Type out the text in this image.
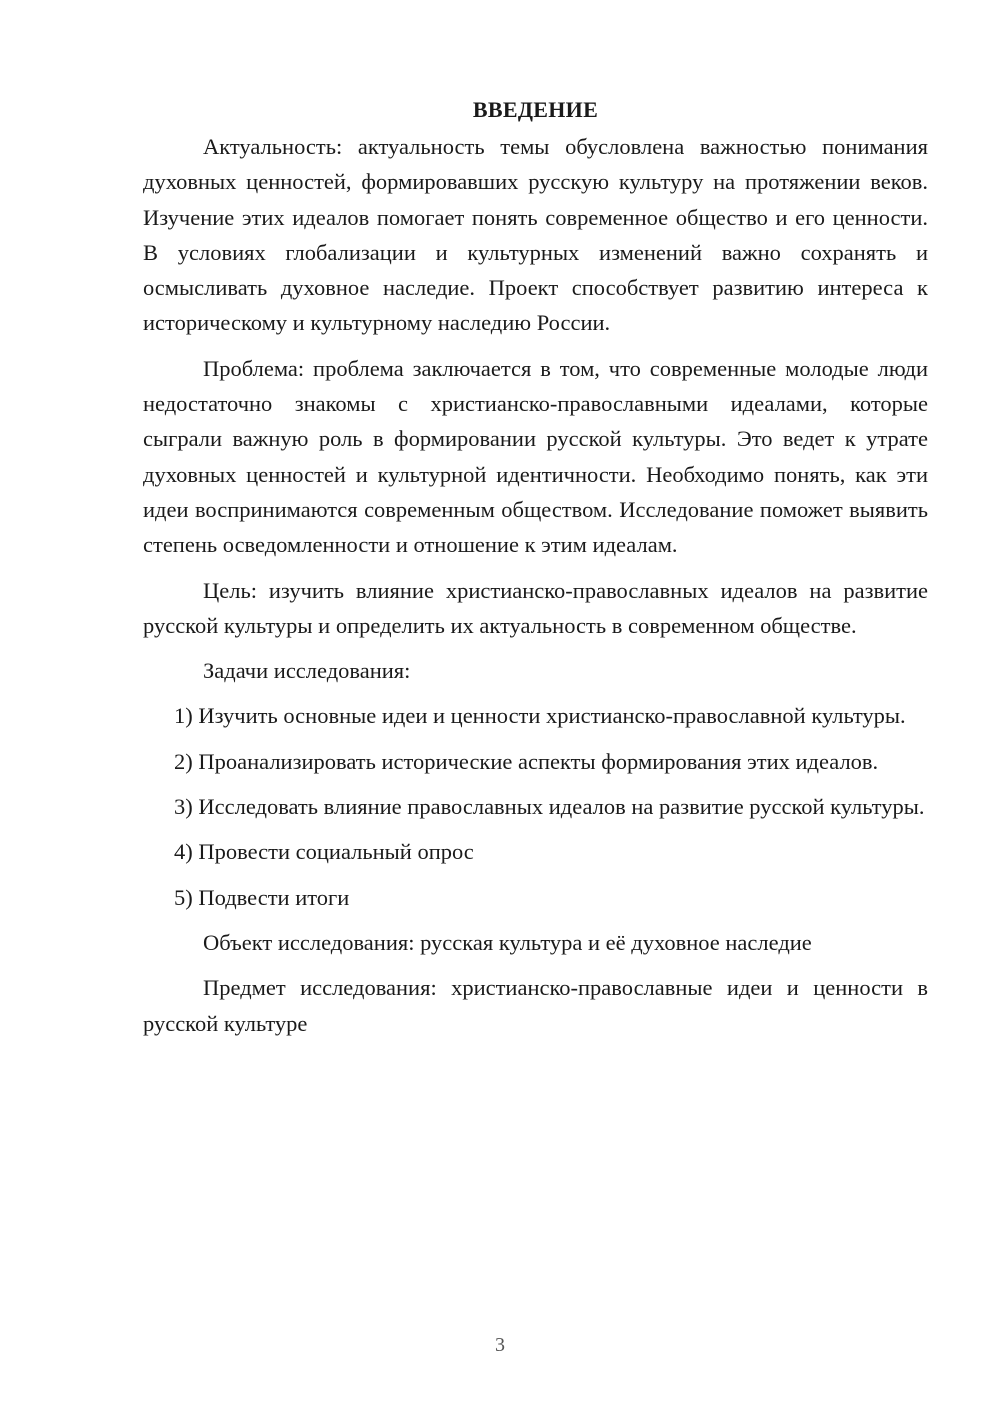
ВВЕДЕНИЕ

Актуальность: актуальность темы обусловлена важностью понимания духовных ценностей, формировавших русскую культуру на протяжении веков. Изучение этих идеалов помогает понять современное общество и его ценности. В условиях глобализации и культурных изменений важно сохранять и осмысливать духовное наследие. Проект способствует развитию интереса к историческому и культурному наследию России.

Проблема: проблема заключается в том, что современные молодые люди недостаточно знакомы с христианско-православными идеалами, которые сыграли важную роль в формировании русской культуры. Это ведет к утрате духовных ценностей и культурной идентичности. Необходимо понять, как эти идеи воспринимаются современным обществом. Исследование поможет выявить степень осведомленности и отношение к этим идеалам.

Цель: изучить влияние христианско-православных идеалов на развитие русской культуры и определить их актуальность в современном обществе.

Задачи исследования:

1) Изучить основные идеи и ценности христианско-православной культуры.

2) Проанализировать исторические аспекты формирования этих идеалов.

3) Исследовать влияние православных идеалов на развитие русской культуры.

4) Провести социальный опрос

5) Подвести итоги

Объект исследования: русская культура и её духовное наследие

Предмет исследования: христианско-православные идеи и ценности в русской культуре

3
